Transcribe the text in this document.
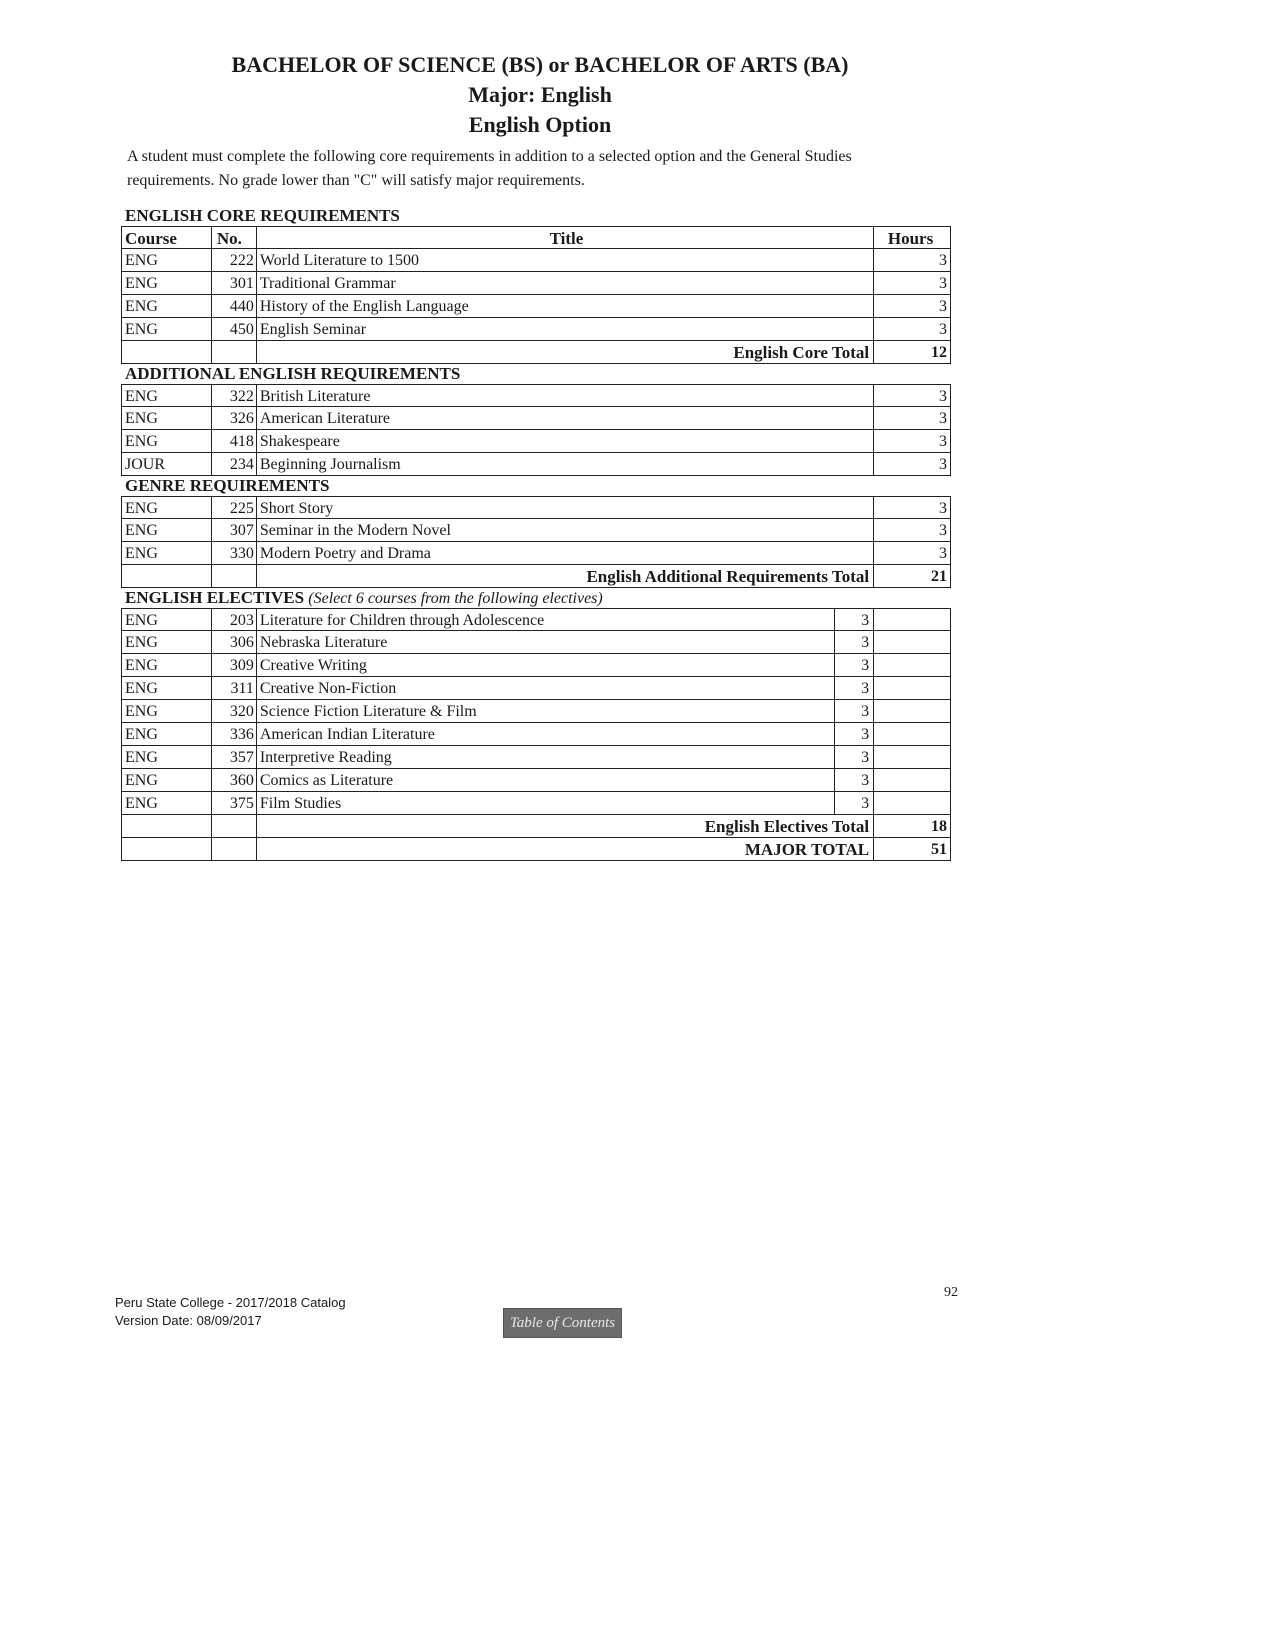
BACHELOR OF SCIENCE (BS) or BACHELOR OF ARTS (BA)
Major: English
English Option
A student must complete the following core requirements in addition to a selected option and the General Studies requirements. No grade lower than "C" will satisfy major requirements.
ENGLISH CORE REQUIREMENTS
Course	No.	Title	Hours
ENG	222 World Literature to 1500	3
ENG	301 Traditional Grammar	3
ENG	440 History of the English Language	3
ENG	450 English Seminar	3
English Core Total	12
ADDITIONAL ENGLISH REQUIREMENTS
ENG	322 British Literature	3
ENG	326 American Literature	3
ENG	418 Shakespeare	3
JOUR	234 Beginning Journalism	3
GENRE REQUIREMENTS
ENG	225 Short Story	3
ENG	307 Seminar in the Modern Novel	3
ENG	330 Modern Poetry and Drama	3
English Additional Requirements Total	21
ENGLISH ELECTIVES (Select 6 courses from the following electives)
ENG	203 Literature for Children through Adolescence	3
ENG	306 Nebraska Literature	3
ENG	309 Creative Writing	3
ENG	311 Creative Non-Fiction	3
ENG	320 Science Fiction Literature & Film	3
ENG	336 American Indian Literature	3
ENG	357 Interpretive Reading	3
ENG	360 Comics as Literature	3
ENG	375 Film Studies	3
English Electives Total	18
MAJOR TOTAL	51
Peru State College - 2017/2018 Catalog
Version Date: 08/09/2017
92
Table of Contents
